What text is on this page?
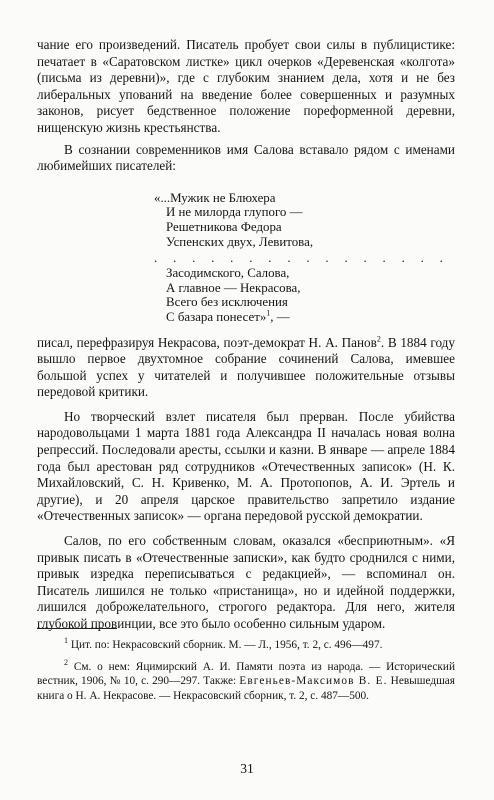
чание его произведений. Писатель пробует свои силы в публицистике: печатает в «Саратовском листке» цикл очерков «Деревенская «колгота» (письма из деревни)», где с глубоким знанием дела, хотя и не без либеральных упований на введение более совершенных и разумных законов, рисует бедственное положение пореформенной деревни, нищенскую жизнь крестьянства.

В сознании современников имя Салова вставало рядом с именами любимейших писателей:

«...Мужик не Блюхера
И не милорда глупого —
Решетникова Федора
Успенских двух, Левитова,
. . . . . . . . . . . . . . . .
Засодимского, Салова,
А главное — Некрасова,
Всего без исключения
С базара понесет»$^1$, —

писал, перефразируя Некрасова, поэт-демократ Н. А. Панов$^2$. В 1884 году вышло первое двухтомное собрание сочинений Салова, имевшее большой успех у читателей и получившее положительные отзывы передовой критики.

Но творческий взлет писателя был прерван. После убийства народовольцами 1 марта 1881 года Александра II началась новая волна репрессий. Последовали аресты, ссылки и казни. В январе — апреле 1884 года был арестован ряд сотрудников «Отечественных записок» (Н. К. Михайловский, С. Н. Кривенко, М. А. Протопопов, А. И. Эртель и другие), и 20 апреля царское правительство запретило издание «Отечественных записок» — органа передовой русской демократии.

Салов, по его собственным словам, оказался «бесприютным». «Я привык писать в «Отечественные записки», как будто сроднился с ними, привык изредка переписываться с редакцией», — вспоминал он. Писатель лишился не только «пристанища», но и идейной поддержки, лишился доброжелательного, строгого редактора. Для него, жителя глубокой провинции, все это было особенно сильным ударом.

$^1$ Цит. по: Некрасовский сборник. М. — Л., 1956, т. 2, с. 496—497.

$^2$ См. о нем: Яцимирский А. И. Памяти поэта из народа. — Исторический вестник, 1906, № 10, с. 290—297. Также: Евгеньев-Максимов В. Е. Невышедшая книга о Н. А. Некрасове. — Некрасовский сборник, т. 2, с. 487—500.

31
